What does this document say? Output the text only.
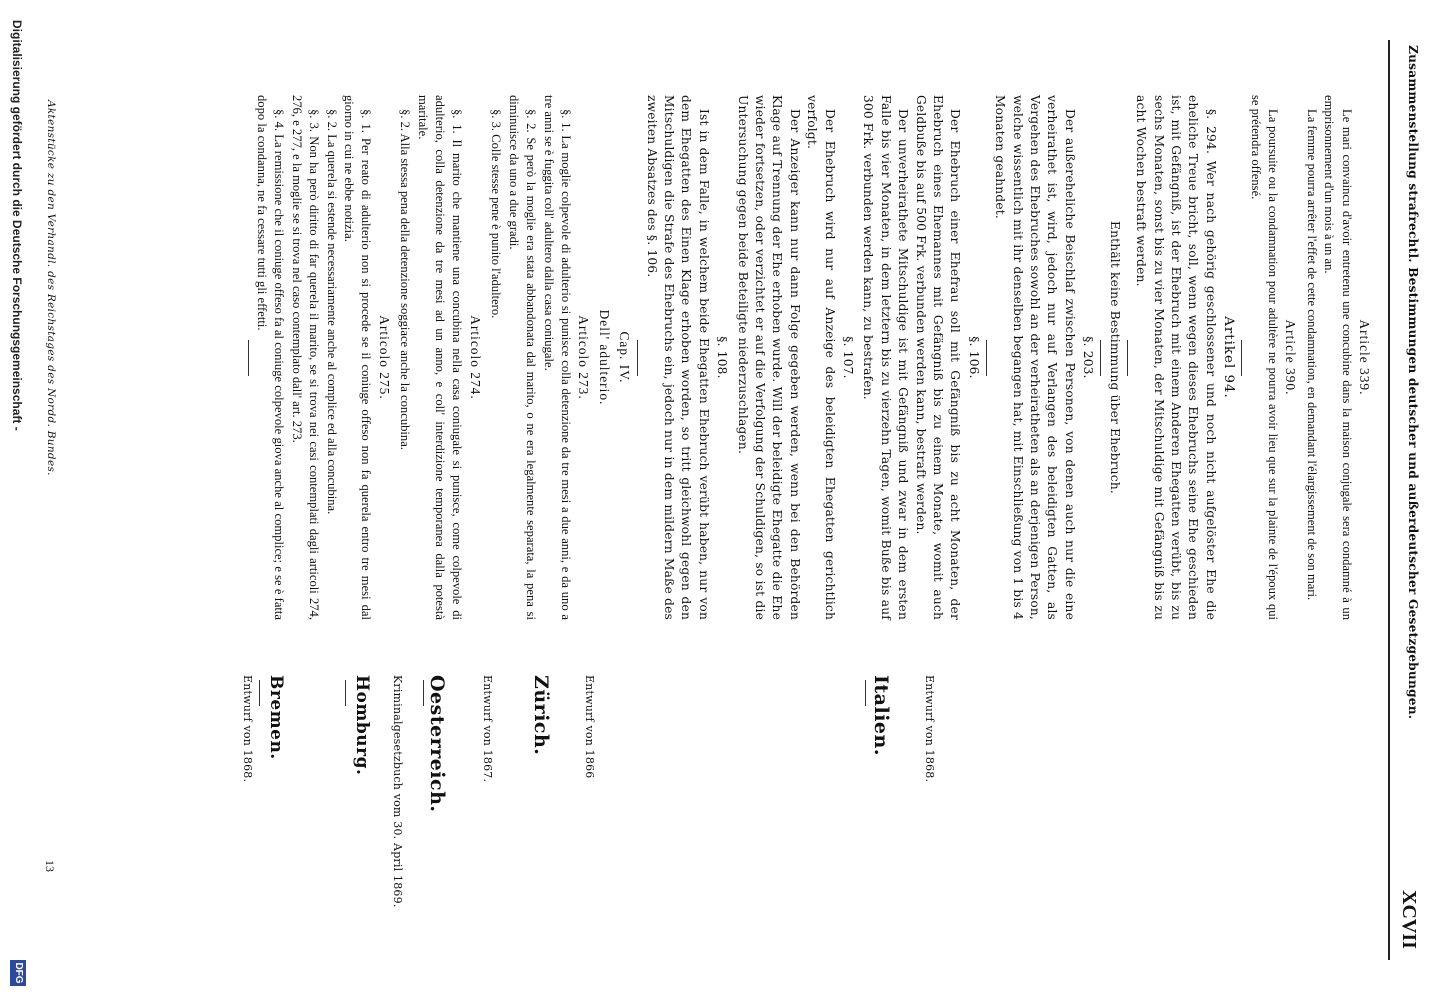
Zusammenstellung strafrechtl. Bestimmungen deutscher und außerdeutscher Gesetzgebungen.
XCVII

Article 339.

Le mari convaincu d'avoir entretenu une concubine dans la maison conjugale sera condamné à un emprisonnement d'un mois à un an.

La femme pourra arrêter l'effet de cette condamnation, en demandant l'élargissement de son mari.

Article 390.

La poursuite ou la condamnation pour adultère ne pourra avoir lieu que sur la plainte de l'époux qui se prétendra offensé.

Artikel 94.

§. 294. Wer nach gehörig geschlossener und noch nicht aufgelöster Ehe die eheliche Treue bricht, soll, wenn wegen dieses Ehebruchs seine Ehe geschieden ist, mit Gefängniß, ist der Ehebruch mit einem Anderen Ehegatten verübt, bis zu sechs Monaten, sonst bis zu vier Monaten, der Mitschuldige mit Gefängniß bis zu acht Wochen bestraft werden.

Enthält keine Bestimmung über Ehebruch.

§. 203.

Der außereheliche Beischlaf zwischen Personen, von denen auch nur die eine verheirathet ist, wird, jedoch nur auf Verlangen des beleidigten Gatten, als Vergehen des Ehebruches sowohl an der verheiratheten als an derjenigen Person, welche wissentlich mit ihr denselben begangen hat, mit Einschließung von 1 bis 4 Monaten geahndet.

§. 106.

Der Ehebruch einer Ehefrau soll mit Gefängniß bis zu acht Monaten, der Ehebruch eines Ehemannes mit Gefängniß bis zu einem Monate, womit auch Geldbuße bis auf 500 Frk. verbunden werden kann, bestraft werden.

Der unverheirathete Mitschuldige ist mit Gefängniß und zwar in dem ersten Falle bis vier Monaten, in dem letztern bis zu vierzehn Tagen, womit Buße bis auf 300 Frk. verbunden werden kann, zu bestrafen.

§. 107.

Der Ehebruch wird nur auf Anzeige des beleidigten Ehegatten gerichtlich verfolgt.

Der Anzeiger kann nur dann Folge gegeben werden, wenn bei den Behörden Klage auf Trennung der Ehe erhoben wurde. Will der beleidigte Ehegatte die Ehe wieder fortsetzen, oder verzichtet er auf die Verfolgung der Schuldigen, so ist die Untersuchung gegen beide Beteiligte niederzuschlagen.

§. 108.

Ist in dem Falle, in welchem beide Ehegatten Ehebruch verübt haben, nur von dem Ehegatten des Einen Klage erhoben worden, so tritt gleichwohl gegen den Mitschuldigen die Strafe des Ehebruchs ein, jedoch nur in dem mildern Maße des zweiten Absatzes des §. 106.

Cap. IV.

Dell' adulterio.

Articolo 273.

§. 1. La moglie colpevole di adulterio si punisce colla detenzione da tre mesi a due anni, e da uno a tre anni se è fuggita coll' adultero dalla casa coniugale.

§. 2. Se però la moglie era stata abbandonata dal marito, o ne era legalmente separata, la pena si diminuisce da uno a due gradi.

§. 3. Colle stesse pene è punito l'adultero.

Articolo 274.

§. 1. Il marito che mantiene una concubina nella casa coniugale si punisce, come colpevole di adulterio, colla detenzione da tre mesi ad un anno, e coll' interdizione temporanea dalla potestà maritale.

§. 2. Alla stessa pena della detenzione soggiace anche la concubina.

Articolo 275.

§. 1. Per reato di adulterio non si procede se il coniuge offeso non fa querela entro tre mesi dal giorno in cui ne ebbe notizia.

§. 2. La querela si estende necessariamente anche al complice ed alla concubina.

§. 3. Non ha però diritto di far querela il marito, se si trova nei casi contemplati dagli articoli 274, 276, e 277, e la moglie se si trova nel caso contemplato dall' art. 273.

§. 4. La remissione che il coniuge offeso fa al coniuge colpevole giova anche al complice; e se è fatta dopo la condanna, ne fa cessare tutti gli effetti.

Bremen.
Entwurf von 1868.	Homburg. Kriminalgesetzbuch vom 30. April 1869. Oesterreich.	Entwurf von 1867. Zürich.	Entwurf von 1866	Italien.	Entwurf von 1868.
Aktenstücke zu den Verhandl. des Reichstages des Nordd. Bundes.
13
Digitalisierung gefördert durch die Deutsche Forschungsgemeinschaft -
DFG
